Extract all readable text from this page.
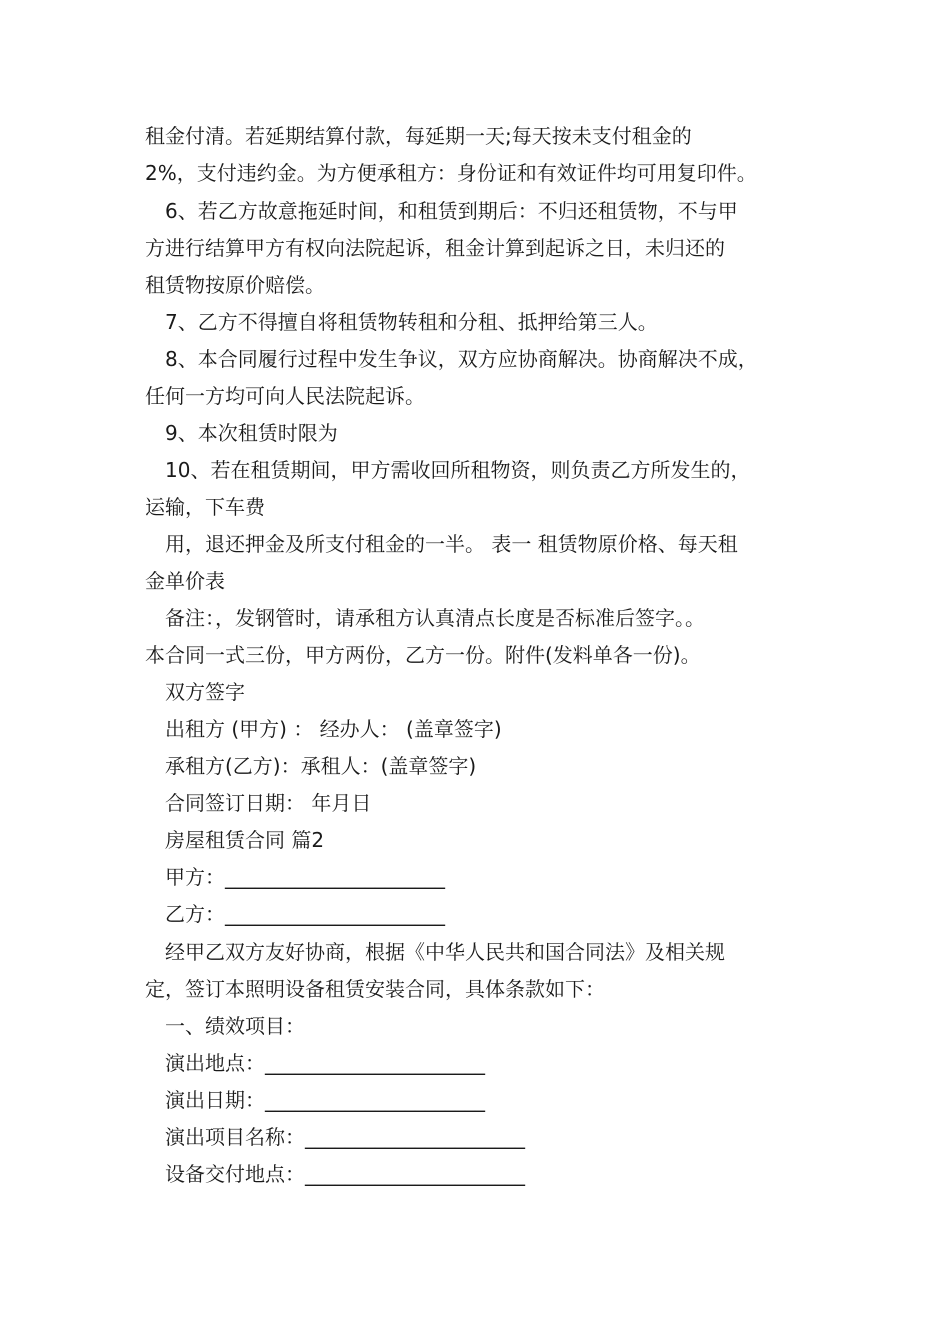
租金付清。若延期结算付款，每延期一天;每天按未支付租金的

2%，支付违约金。为方便承租方：身份证和有效证件均可用复印件。

6、若乙方故意拖延时间，和租赁到期后：不归还租赁物，不与甲

方进行结算甲方有权向法院起诉，租金计算到起诉之日，未归还的

租赁物按原价赔偿。

7、乙方不得擅自将租赁物转租和分租、抵押给第三人。

8、本合同履行过程中发生争议，双方应协商解决。协商解决不成，

任何一方均可向人民法院起诉。

9、本次租赁时限为

10、若在租赁期间，甲方需收回所租物资，则负责乙方所发生的，

运输，下车费

用，退还押金及所支付租金的一半。 表一 租赁物原价格、每天租

金单价表

备注：，发钢管时，请承租方认真清点长度是否标准后签字。。

本合同一式三份，甲方两份，乙方一份。附件(发料单各一份)。

双方签字

出租方 (甲方) ： 经办人： (盖章签字)

承租方(乙方)：承租人：(盖章签字)

合同签订日期： 年月日

房屋租赁合同 篇2

甲方：______________________

乙方：______________________

经甲乙双方友好协商，根据《中华人民共和国合同法》及相关规

定，签订本照明设备租赁安装合同，具体条款如下：

一、绩效项目：

演出地点：______________________

演出日期：______________________

演出项目名称：______________________

设备交付地点：______________________
